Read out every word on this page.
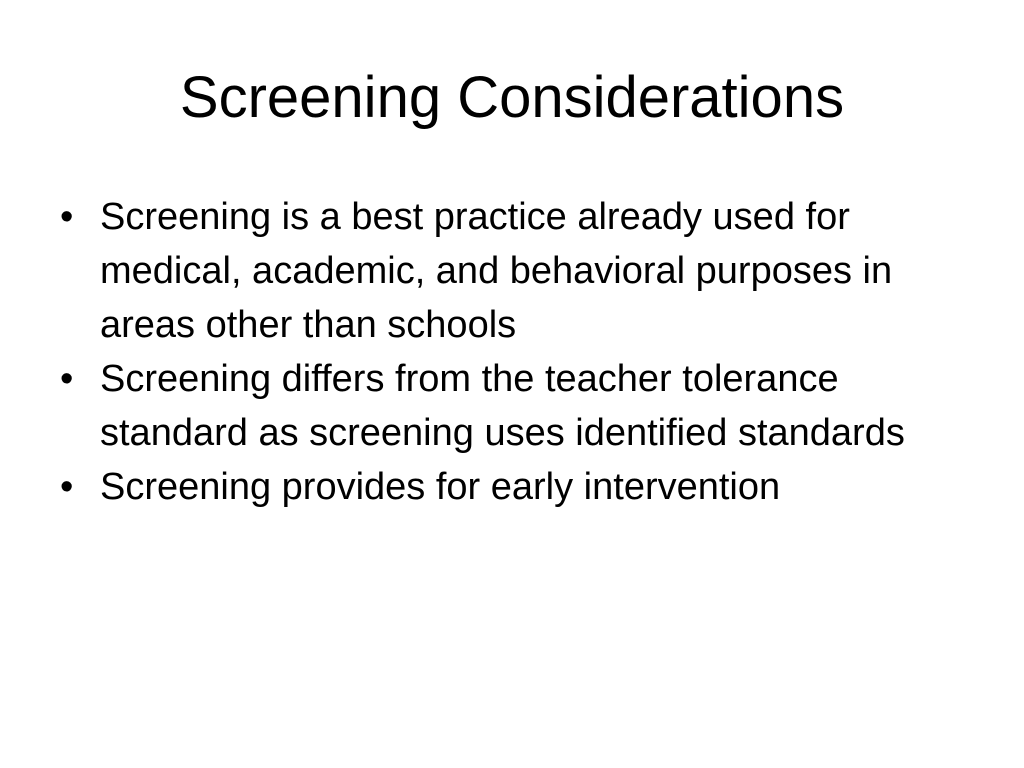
Screening Considerations
• Screening is a best practice already used for medical, academic, and behavioral purposes in areas other than schools
• Screening differs from the teacher tolerance standard as screening uses identified standards
• Screening provides for early intervention
